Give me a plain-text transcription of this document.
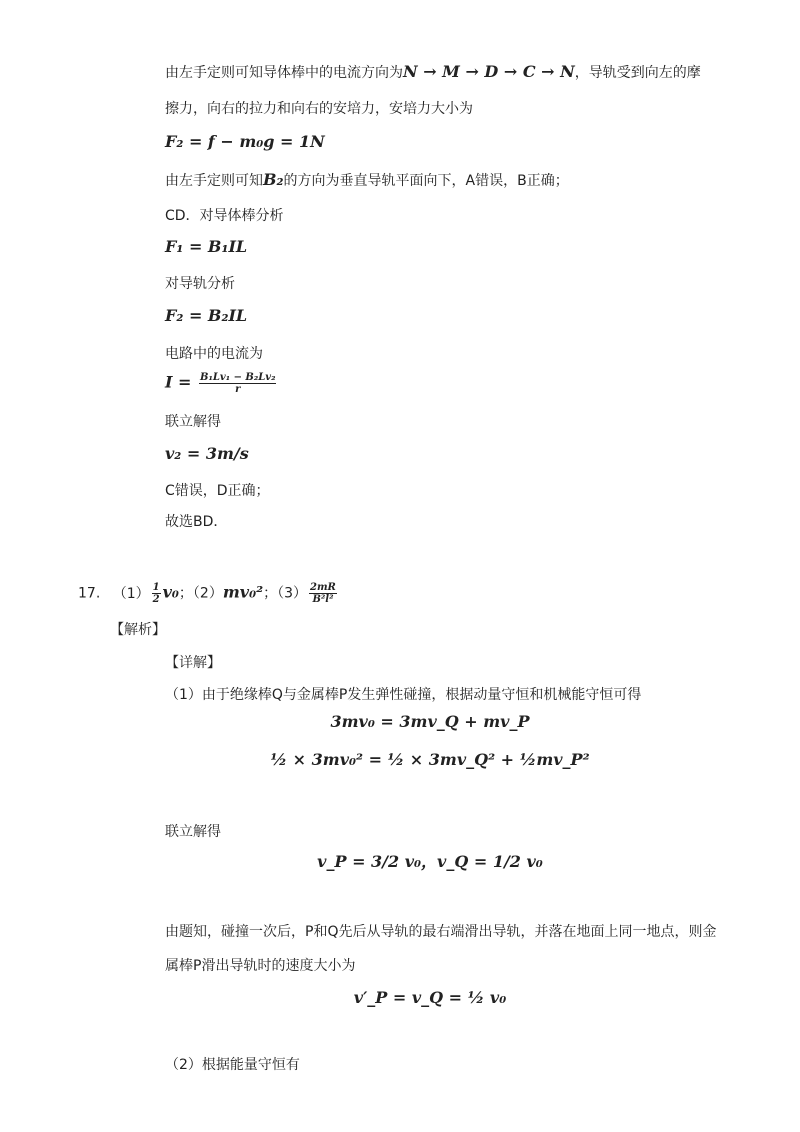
由左手定则可知导体棒中的电流方向为N → M → D → C → N，导轨受到向左的摩
擦力，向右的拉力和向右的安培力，安培力大小为
F₂ = f − m₀g = 1N
由左手定则可知B₂的方向为垂直导轨平面向下，A错误，B正确；
CD．对导体棒分析
F₁ = B₁IL
对导轨分析
F₂ = B₂IL
电路中的电流为
$I = \frac{\text{B₁Lv₁ − B₂Lv₂}}{r}$
联立解得
v₂ = 3m/s
C错误，D正确；
故选BD．
17. $(1) \frac{1}{2} v_0$；（2）mv₀²；$(3) \frac{2mR}{\text{B²l²}}$
【解析】
【详解】
（1）由于绝缘棒Q与金属棒P发生弹性碰撞，根据动量守恒和机械能守恒可得
3mv₀ = 3mv_Q + mv_P
½ × 3mv₀² = ½ × 3mv_Q² + ½mv_P²
联立解得
v_P = 3/2 v₀，v_Q = 1/2 v₀
由题知，碰撞一次后，P和Q先后从导轨的最右端滑出导轨，并落在地面上同一地点，则金
属棒P滑出导轨时的速度大小为
v′_P = v_Q = ½ v₀
（2）根据能量守恒有
